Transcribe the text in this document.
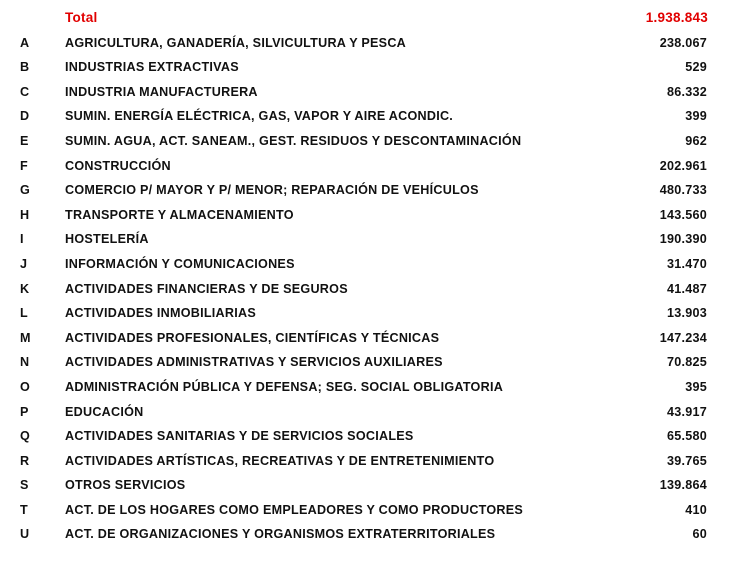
Total	1.938.843
A	AGRICULTURA, GANADERÍA, SILVICULTURA Y PESCA	238.067
B	INDUSTRIAS EXTRACTIVAS	529
C	INDUSTRIA MANUFACTURERA	86.332
D	SUMIN. ENERGÍA ELÉCTRICA, GAS, VAPOR Y AIRE ACONDIC.	399
E	SUMIN. AGUA, ACT. SANEAM., GEST. RESIDUOS Y DESCONTAMINACIÓN	962
F	CONSTRUCCIÓN	202.961
G	COMERCIO P/ MAYOR Y P/ MENOR; REPARACIÓN DE VEHÍCULOS	480.733
H	TRANSPORTE Y ALMACENAMIENTO	143.560
I	HOSTELERÍA	190.390
J	INFORMACIÓN Y COMUNICACIONES	31.470
K	ACTIVIDADES FINANCIERAS Y DE SEGUROS	41.487
L	ACTIVIDADES INMOBILIARIAS	13.903
M	ACTIVIDADES PROFESIONALES, CIENTÍFICAS Y TÉCNICAS	147.234
N	ACTIVIDADES ADMINISTRATIVAS Y SERVICIOS AUXILIARES	70.825
O	ADMINISTRACIÓN PÚBLICA Y DEFENSA; SEG. SOCIAL OBLIGATORIA	395
P	EDUCACIÓN	43.917
Q	ACTIVIDADES SANITARIAS Y DE SERVICIOS SOCIALES	65.580
R	ACTIVIDADES ARTÍSTICAS, RECREATIVAS Y DE ENTRETENIMIENTO	39.765
S	OTROS SERVICIOS	139.864
T	ACT. DE LOS HOGARES COMO EMPLEADORES Y COMO PRODUCTORES	410
U	ACT. DE ORGANIZACIONES Y ORGANISMOS EXTRATERRITORIALES	60
